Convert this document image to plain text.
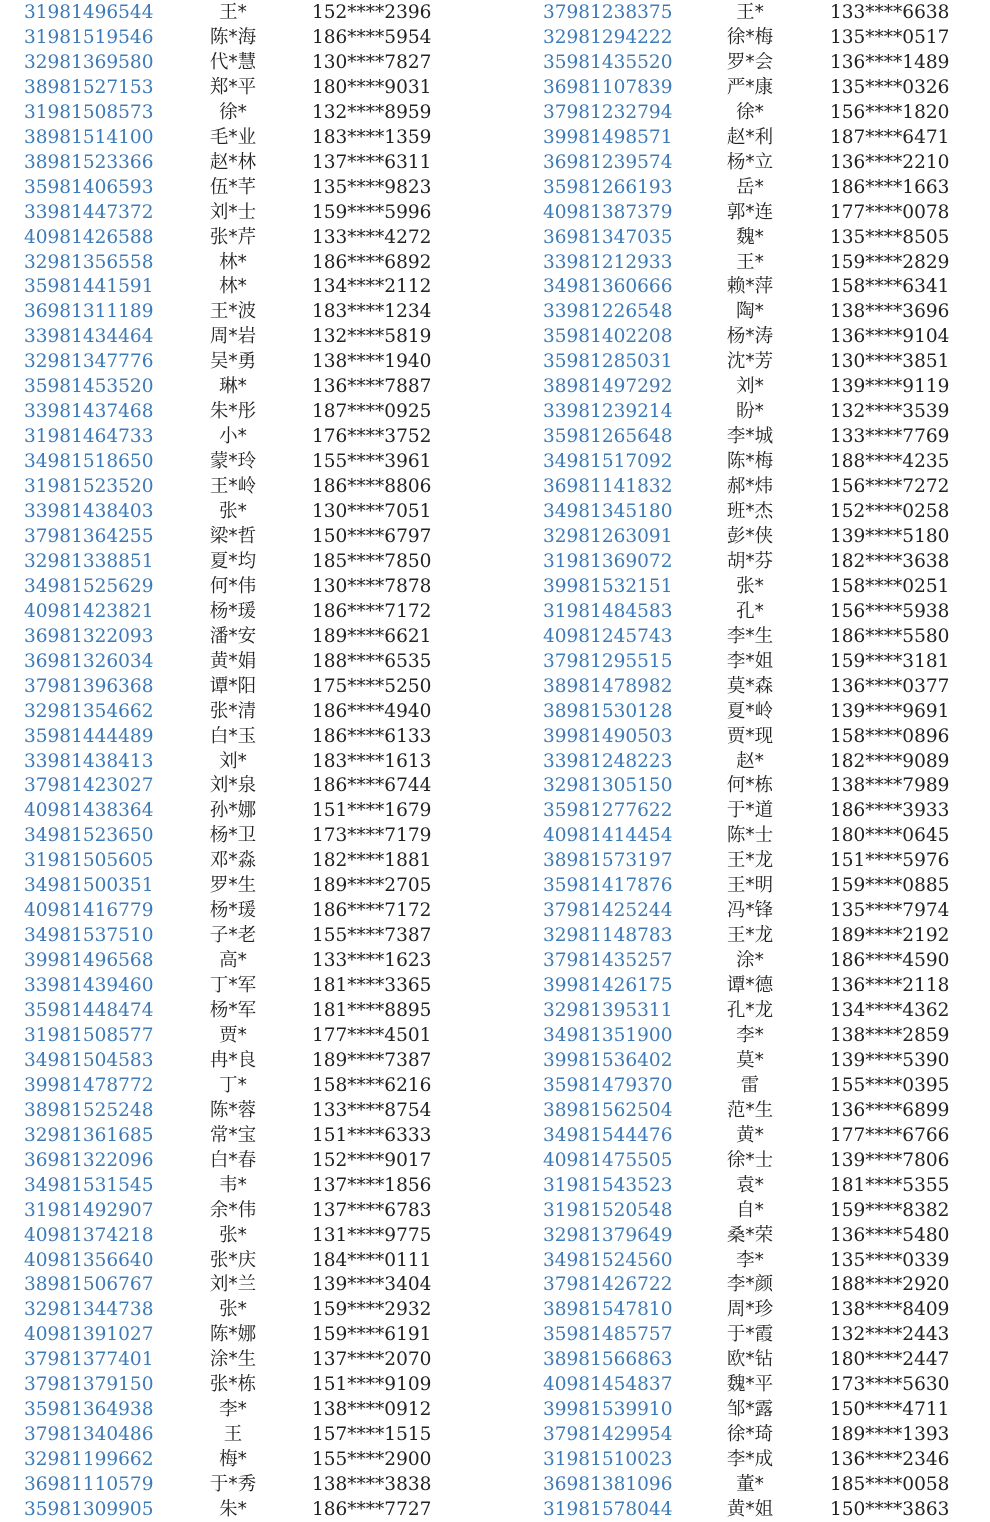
31981496544	王*	152****2396	37981238375	王*	133****6638
31981519546	陈*海	186****5954	32981294222	徐*梅	135****0517
32981369580	代*慧	130****7827	35981435520	罗*会	136****1489
38981527153	郑*平	180****9031	36981107839	严*康	135****0326
31981508573	徐*	132****8959	37981232794	徐*	156****1820
38981514100	毛*业	183****1359	39981498571	赵*利	187****6471
38981523366	赵*林	137****6311	36981239574	杨*立	136****2210
35981406593	伍*芊	135****9823	35981266193	岳*	186****1663
33981447372	刘*士	159****5996	40981387379	郭*连	177****0078
40981426588	张*芹	133****4272	36981347035	魏*	135****8505
32981356558	林*	186****6892	33981212933	王*	159****2829
35981441591	林*	134****2112	34981360666	赖*萍	158****6341
36981311189	王*波	183****1234	33981226548	陶*	138****3696
33981434464	周*岩	132****5819	35981402208	杨*涛	136****9104
32981347776	吴*勇	138****1940	35981285031	沈*芳	130****3851
35981453520	琳*	136****7887	38981497292	刘*	139****9119
33981437468	朱*彤	187****0925	33981239214	盼*	132****3539
31981464733	小*	176****3752	35981265648	李*城	133****7769
34981518650	蒙*玲	155****3961	34981517092	陈*梅	188****4235
31981523520	王*岭	186****8806	36981141832	郝*炜	156****7272
33981438403	张*	130****7051	34981345180	班*杰	152****0258
37981364255	梁*哲	150****6797	32981263091	彭*侠	139****5180
32981338851	夏*均	185****7850	31981369072	胡*芬	182****3638
34981525629	何*伟	130****7878	39981532151	张*	158****0251
40981423821	杨*瑗	186****7172	31981484583	孔*	156****5938
36981322093	潘*安	189****6621	40981245743	李*生	186****5580
36981326034	黄*娟	188****6535	37981295515	李*姐	159****3181
37981396368	谭*阳	175****5250	38981478982	莫*森	136****0377
32981354662	张*清	186****4940	38981530128	夏*岭	139****9691
35981444489	白*玉	186****6133	39981490503	贾*现	158****0896
33981438413	刘*	183****1613	33981248223	赵*	182****9089
37981423027	刘*泉	186****6744	32981305150	何*栋	138****7989
40981438364	孙*娜	151****1679	35981277622	于*道	186****3933
34981523650	杨*卫	173****7179	40981414454	陈*士	180****0645
31981505605	邓*淼	182****1881	38981573197	王*龙	151****5976
34981500351	罗*生	189****2705	35981417876	王*明	159****0885
40981416779	杨*瑗	186****7172	37981425244	冯*锋	135****7974
34981537510	子*老	155****7387	32981148783	王*龙	189****2192
39981496568	高*	133****1623	37981435257	涂*	186****4590
33981439460	丁*军	181****3365	39981426175	谭*德	136****2118
35981448474	杨*军	181****8895	32981395311	孔*龙	134****4362
31981508577	贾*	177****4501	34981351900	李*	138****2859
34981504583	冉*良	189****7387	39981536402	莫*	139****5390
39981478772	丁*	158****6216	35981479370	雷	155****0395
38981525248	陈*蓉	133****8754	38981562504	范*生	136****6899
32981361685	常*宝	151****6333	34981544476	黄*	177****6766
36981322096	白*春	152****9017	40981475505	徐*士	139****7806
34981531545	韦*	137****1856	31981543523	袁*	181****5355
31981492907	余*伟	137****6783	31981520548	自*	159****8382
40981374218	张*	131****9775	32981379649	桑*荣	136****5480
40981356640	张*庆	184****0111	34981524560	李*	135****0339
38981506767	刘*兰	139****3404	37981426722	李*颜	188****2920
32981344738	张*	159****2932	38981547810	周*珍	138****8409
40981391027	陈*娜	159****6191	35981485757	于*霞	132****2443
37981377401	涂*生	137****2070	38981566863	欧*钻	180****2447
37981379150	张*栋	151****9109	40981454837	魏*平	173****5630
35981364938	李*	138****0912	39981539910	邹*露	150****4711
37981340486	王	157****1515	37981429954	徐*琦	189****1393
32981199662	梅*	155****2900	31981510023	李*成	136****2346
36981110579	于*秀	138****3838	36981381096	董*	185****0058
35981309905	朱*	186****7727	31981578044	黄*姐	150****3863
